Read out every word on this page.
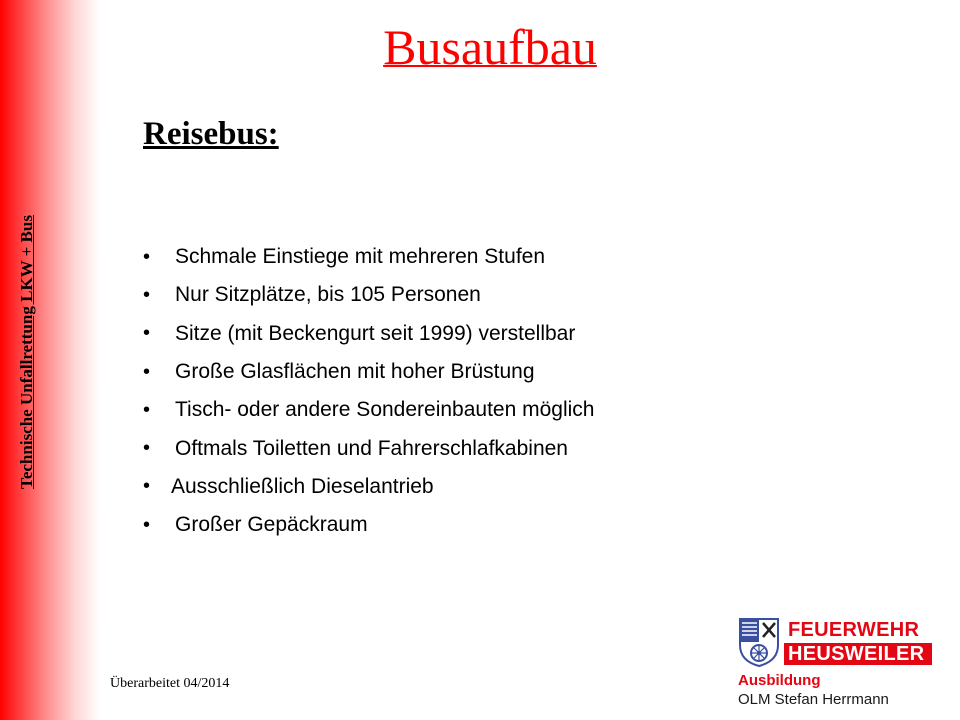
Technische Unfallrettung LKW + Bus
Busaufbau
Reisebus:
•	Schmale Einstiege mit mehreren Stufen
•	Nur Sitzplätze, bis 105 Personen
•	Sitze (mit Beckengurt seit 1999) verstellbar
•	Große Glasflächen mit hoher Brüstung
•	Tisch- oder andere Sondereinbauten möglich
•	Oftmals Toiletten und Fahrerschlafkabinen
• Ausschließlich Dieselantrieb
•	Großer Gepäckraum
Überarbeitet 04/2014
FEUERWEHR
HEUSWEILER
Ausbildung
OLM Stefan Herrmann
